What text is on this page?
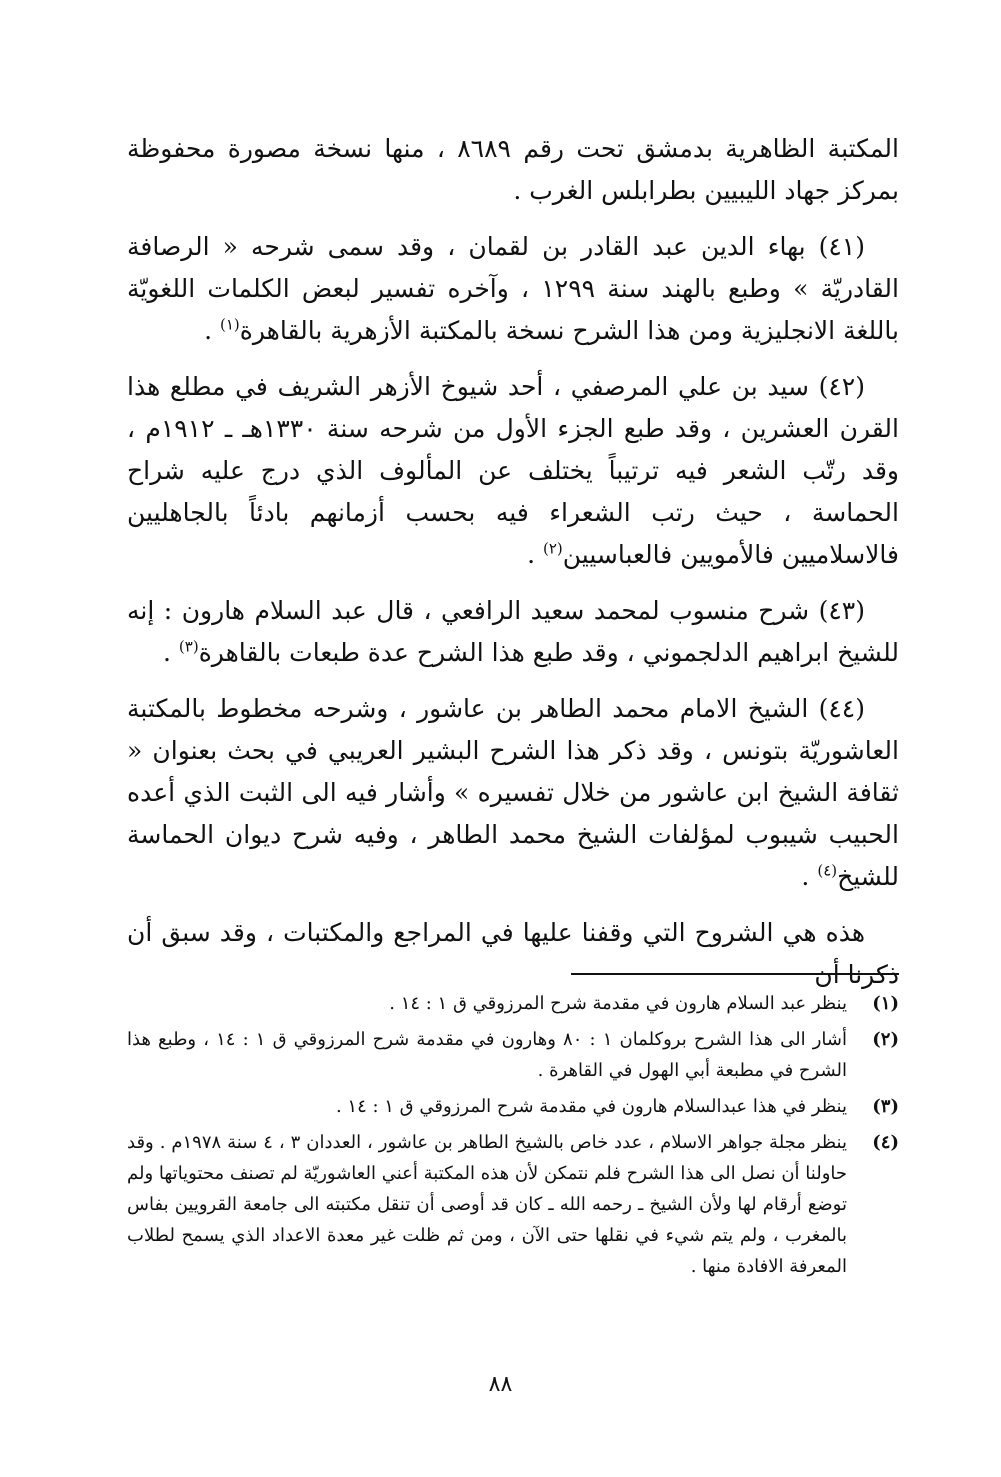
المكتبة الظاهرية بدمشق تحت رقم ٨٦٨٩ ، منها نسخة مصورة محفوظة بمركز جهاد الليبيين بطرابلس الغرب .

(٤١) بهاء الدين عبد القادر بن لقمان ، وقد سمى شرحه « الرصافة القادريّة » وطبع بالهند سنة ١٢٩٩ ، وآخره تفسير لبعض الكلمات اللغويّة باللغة الانجليزية ومن هذا الشرح نسخة بالمكتبة الأزهرية بالقاهرة$^{(١)}$ .

(٤٢) سيد بن علي المرصفي ، أحد شيوخ الأزهر الشريف في مطلع هذا القرن العشرين ، وقد طبع الجزء الأول من شرحه سنة ١٣٣٠هـ ـ ١٩١٢م ، وقد رتّب الشعر فيه ترتيباً يختلف عن المألوف الذي درج عليه شراح الحماسة ، حيث رتب الشعراء فيه بحسب أزمانهم بادئاً بالجاهليين فالاسلاميين فالأمويين فالعباسيين$^{(٢)}$ .

(٤٣) شرح منسوب لمحمد سعيد الرافعي ، قال عبد السلام هارون : إنه للشيخ ابراهيم الدلجموني ، وقد طبع هذا الشرح عدة طبعات بالقاهرة$^{(٣)}$ .

(٤٤) الشيخ الامام محمد الطاهر بن عاشور ، وشرحه مخطوط بالمكتبة العاشوريّة بتونس ، وقد ذكر هذا الشرح البشير العريبي في بحث بعنوان « ثقافة الشيخ ابن عاشور من خلال تفسيره » وأشار فيه الى الثبت الذي أعده الحبيب شيبوب لمؤلفات الشيخ محمد الطاهر ، وفيه شرح ديوان الحماسة للشيخ$^{(٤)}$ .

هذه هي الشروح التي وقفنا عليها في المراجع والمكتبات ، وقد سبق أن ذكرنا أن

(١)
ينظر عبد السلام هارون في مقدمة شرح المرزوقي ق ١ : ١٤ .
(٢)
أشار الى هذا الشرح بروكلمان ١ : ٨٠ وهارون في مقدمة شرح المرزوقي ق ١ : ١٤ ، وطبع هذا الشرح في مطبعة أبي الهول في القاهرة .
(٣)
ينظر في هذا عبدالسلام هارون في مقدمة شرح المرزوقي ق ١ : ١٤ .
(٤)
ينظر مجلة جواهر الاسلام ، عدد خاص بالشيخ الطاهر بن عاشور ، العددان ٣ ، ٤ سنة ١٩٧٨م . وقد حاولنا أن نصل الى هذا الشرح فلم نتمكن لأن هذه المكتبة أعني العاشوريّة لم تصنف محتوياتها ولم توضع أرقام لها ولأن الشيخ ـ رحمه الله ـ كان قد أوصى أن تنقل مكتبته الى جامعة القرويين بفاس بالمغرب ، ولم يتم شيء في نقلها حتى الآن ، ومن ثم ظلت غير معدة الاعداد الذي يسمح لطلاب المعرفة الافادة منها .
٨٨
